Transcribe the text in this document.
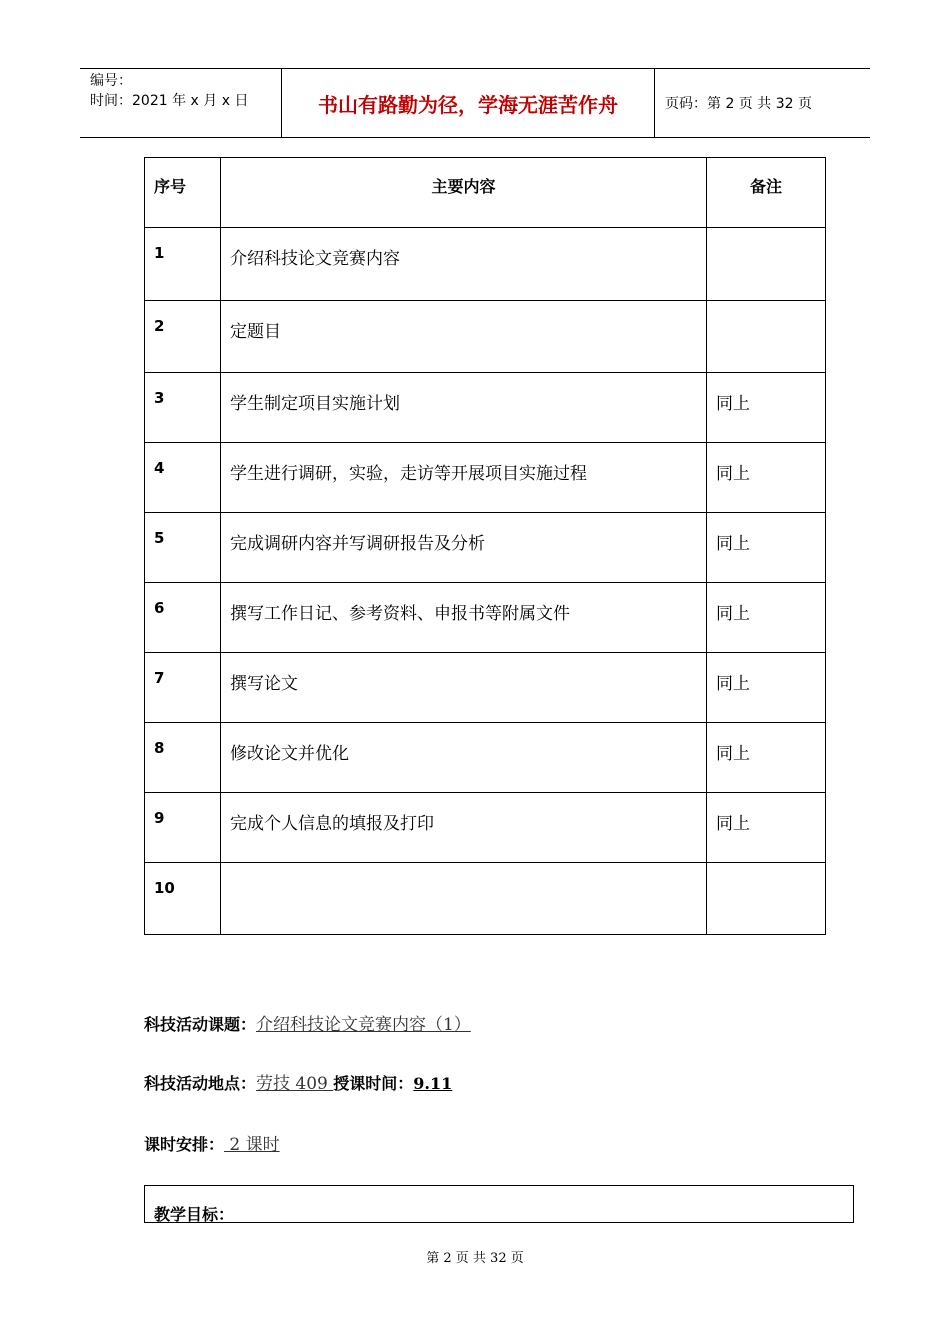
编号：
时间：2021 年 x 月 x 日	书山有路勤为径，学海无涯苦作舟	页码：第 2 页 共 32 页
序号	主要内容	备注
1	介绍科技论文竞赛内容	
2	定题目	
3	学生制定项目实施计划	同上
4	学生进行调研，实验，走访等开展项目实施过程	同上
5	完成调研内容并写调研报告及分析	同上
6	撰写工作日记、参考资料、申报书等附属文件	同上
7	撰写论文	同上
8	修改论文并优化	同上
9	完成个人信息的填报及打印	同上
10		
科技活动课题：介绍科技论文竞赛内容（1）
科技活动地点：劳技 409 授课时间：9.11
课时安排： 2 课时
教学目标：
第 2 页 共 32 页
